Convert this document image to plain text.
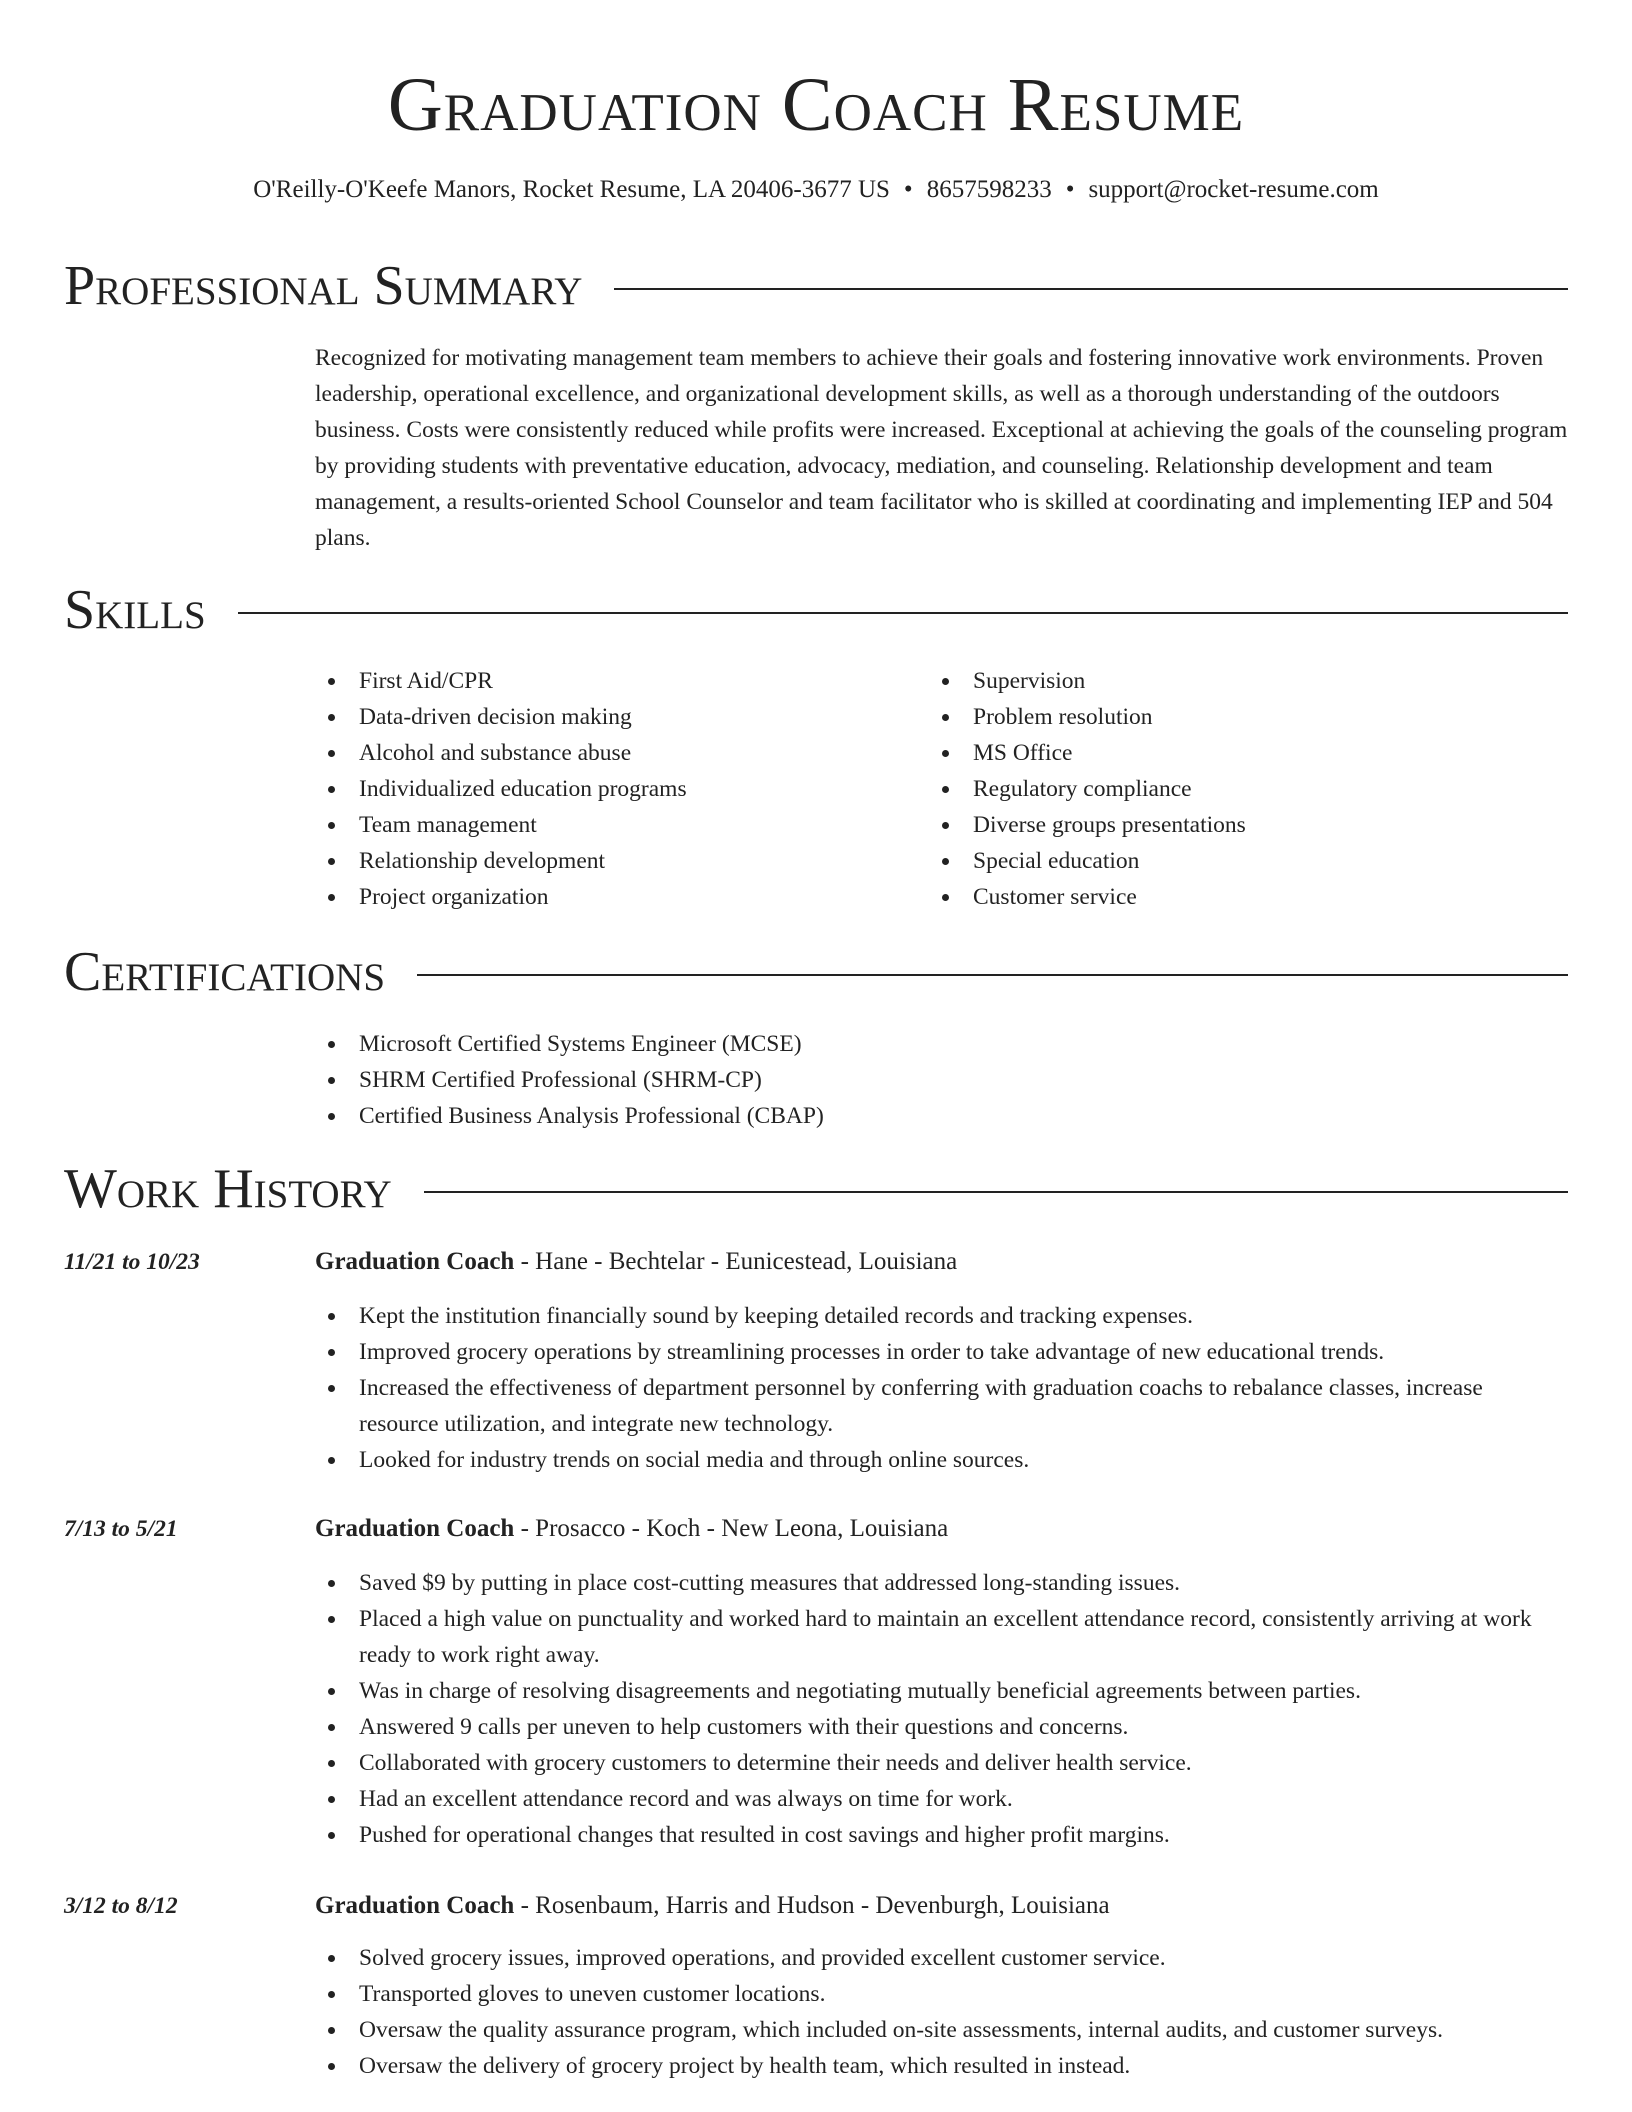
Graduation Coach Resume
O'Reilly-O'Keefe Manors, Rocket Resume, LA 20406-3677 US • 8657598233 • support@rocket-resume.com
Professional Summary
Recognized for motivating management team members to achieve their goals and fostering innovative work environments. Proven leadership, operational excellence, and organizational development skills, as well as a thorough understanding of the outdoors business. Costs were consistently reduced while profits were increased. Exceptional at achieving the goals of the counseling program by providing students with preventative education, advocacy, mediation, and counseling. Relationship development and team management, a results-oriented School Counselor and team facilitator who is skilled at coordinating and implementing IEP and 504 plans.
Skills
First Aid/CPR
Data-driven decision making
Alcohol and substance abuse
Individualized education programs
Team management
Relationship development
Project organization
Supervision
Problem resolution
MS Office
Regulatory compliance
Diverse groups presentations
Special education
Customer service
Certifications
Microsoft Certified Systems Engineer (MCSE)
SHRM Certified Professional (SHRM-CP)
Certified Business Analysis Professional (CBAP)
Work History
11/21 to 10/23	Graduation Coach - Hane - Bechtelar - Eunicestead, Louisiana
Kept the institution financially sound by keeping detailed records and tracking expenses.
Improved grocery operations by streamlining processes in order to take advantage of new educational trends.
Increased the effectiveness of department personnel by conferring with graduation coachs to rebalance classes, increase resource utilization, and integrate new technology.
Looked for industry trends on social media and through online sources.
7/13 to 5/21	Graduation Coach - Prosacco - Koch - New Leona, Louisiana
Saved $9 by putting in place cost-cutting measures that addressed long-standing issues.
Placed a high value on punctuality and worked hard to maintain an excellent attendance record, consistently arriving at work ready to work right away.
Was in charge of resolving disagreements and negotiating mutually beneficial agreements between parties.
Answered 9 calls per uneven to help customers with their questions and concerns.
Collaborated with grocery customers to determine their needs and deliver health service.
Had an excellent attendance record and was always on time for work.
Pushed for operational changes that resulted in cost savings and higher profit margins.
3/12 to 8/12	Graduation Coach - Rosenbaum, Harris and Hudson - Devenburgh, Louisiana
Solved grocery issues, improved operations, and provided excellent customer service.
Transported gloves to uneven customer locations.
Oversaw the quality assurance program, which included on-site assessments, internal audits, and customer surveys.
Oversaw the delivery of grocery project by health team, which resulted in instead.
